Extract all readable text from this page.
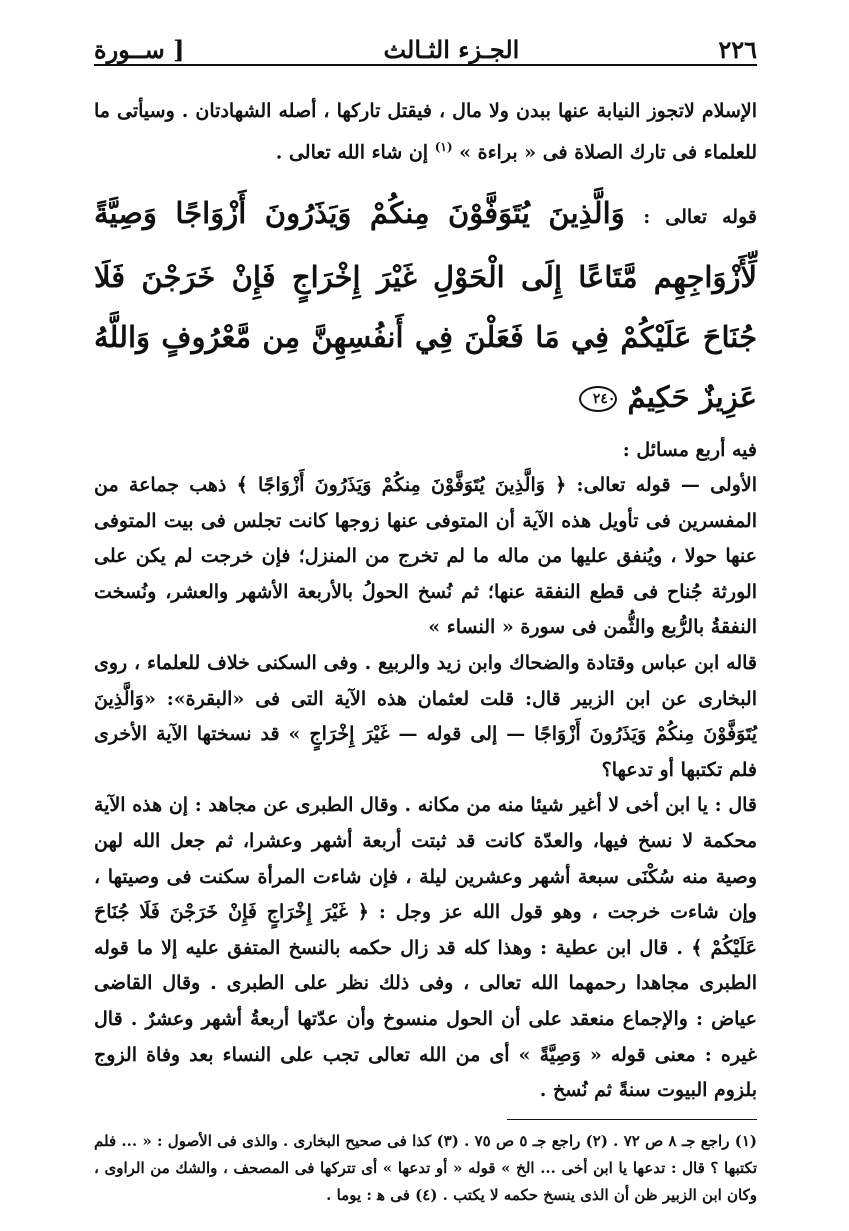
٢٢٦
الجـزء الثـالث
[ ســورة

الإسلام لاتجوز النيابة عنها ببدن ولا مال ، فيقتل تاركها ، أصله الشهادتان . وسيأتى ما للعلماء فى تارك الصلاة فى « براءة » $^{(١)}$ إن شاء الله تعالى .

قوله تعالى : وَالَّذِينَ يُتَوَفَّوْنَ مِنكُمْ وَيَذَرُونَ أَزْوَاجًا وَصِيَّةً لِّأَزْوَاجِهِم مَّتَاعًا إِلَى الْحَوْلِ غَيْرَ إِخْرَاجٍ فَإِنْ خَرَجْنَ فَلَا جُنَاحَ عَلَيْكُمْ فِي مَا فَعَلْنَ فِي أَنفُسِهِنَّ مِن مَّعْرُوفٍ وَاللَّهُ عَزِيزٌ حَكِيمٌ ٢٤٠

فيه أربع مسائل :

الأولى — قوله تعالى: ﴿ وَالَّذِينَ يُتَوَفَّوْنَ مِنكُمْ وَيَذَرُونَ أَزْوَاجًا ﴾ ذهب جماعة من المفسرين فى تأويل هذه الآية أن المتوفى عنها زوجها كانت تجلس فى بيت المتوفى عنها حولا ، ويُنفق عليها من ماله ما لم تخرج من المنزل؛ فإن خرجت لم يكن على الورثة جُناح فى قطع النفقة عنها؛ ثم نُسخ الحولُ بالأربعة الأشهر والعشر، ونُسخت النفقةُ بالرُّبع والثُّمن فى سورة « النساء »

قاله ابن عباس وقتادة والضحاك وابن زيد والربيع . وفى السكنى خلاف للعلماء ، روى البخارى عن ابن الزبير قال: قلت لعثمان هذه الآية التى فى «البقرة»: «وَالَّذِينَ يُتَوَفَّوْنَ مِنكُمْ وَيَذَرُونَ أَزْوَاجًا — إلى قوله — غَيْرَ إِخْرَاجٍ » قد نسختها الآية الأخرى فلم تكتبها أو تدعها؟

قال : يا ابن أخى لا أغير شيئا منه من مكانه . وقال الطبرى عن مجاهد : إن هذه الآية محكمة لا نسخ فيها، والعدّة كانت قد ثبتت أربعة أشهر وعشرا، ثم جعل الله لهن وصية منه سُكْنَى سبعة أشهر وعشرين ليلة ، فإن شاءت المرأة سكنت فى وصيتها ، وإن شاءت خرجت ، وهو قول الله عز وجل : ﴿ غَيْرَ إِخْرَاجٍ فَإِنْ خَرَجْنَ فَلَا جُنَاحَ عَلَيْكُمْ ﴾ . قال ابن عطية : وهذا كله قد زال حكمه بالنسخ المتفق عليه إلا ما قوله الطبرى مجاهدا رحمهما الله تعالى ، وفى ذلك نظر على الطبرى . وقال القاضى عياض : والإجماع منعقد على أن الحول منسوخ وأن عدّتها أربعةُ أشهر وعشرٌ . قال غيره : معنى قوله « وَصِيَّةً » أى من الله تعالى تجب على النساء بعد وفاة الزوج بلزوم البيوت سنةً ثم نُسخ .

(١) راجع جـ ٨ ص ٧٢ . (٢) راجع جـ ٥ ص ٧٥ . (٣) كذا فى صحيح البخارى . والذى فى الأصول : « ... فلم تكتبها ؟ قال : تدعها يا ابن أخى ... الخ » قوله « أو تدعها » أى تتركها فى المصحف ، والشك من الراوى ، وكان ابن الزبير ظن أن الذى ينسخ حكمه لا يكتب . (٤) فى ﻫ : يوما .
